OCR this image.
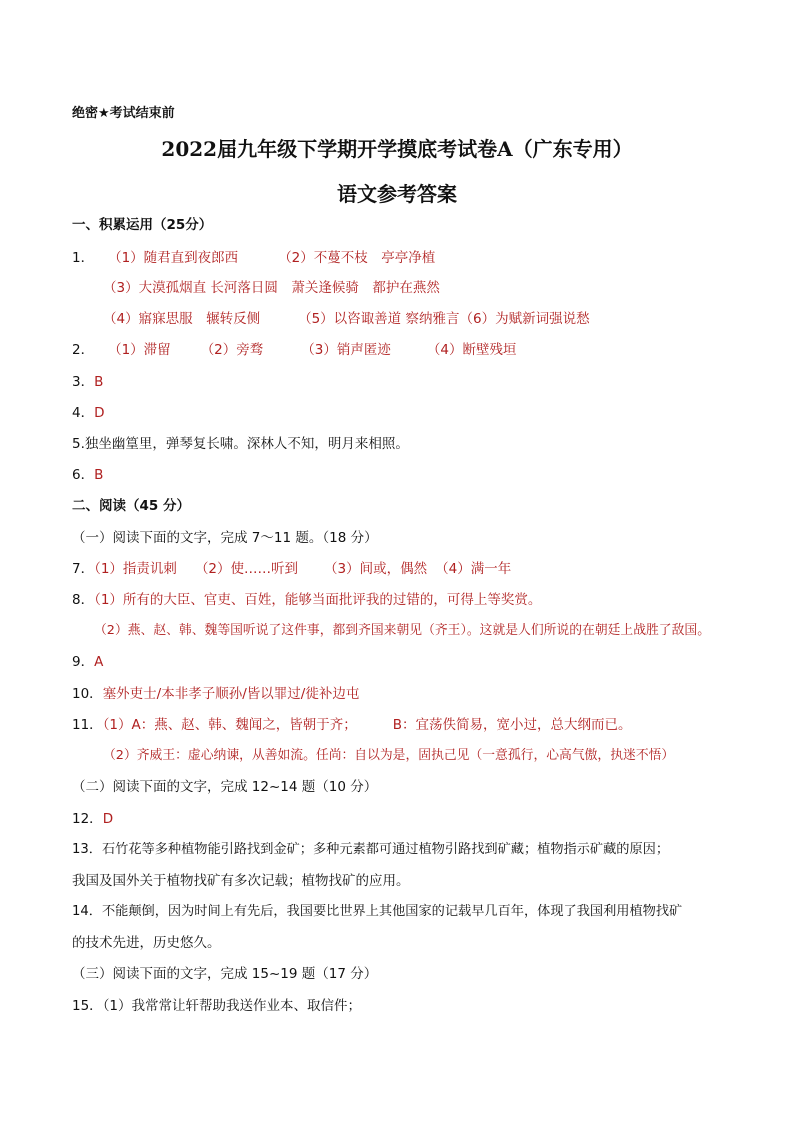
绝密★考试结束前
2022届九年级下学期开学摸底考试卷A（广东专用）
语文参考答案
一、积累运用（25分）
1． （1）随君直到夜郎西	（2）不蔓不枝　亭亭净植
（3）大漠孤烟直 长河落日圆　萧关逢候骑　都护在燕然
（4）寤寐思服　辗转反侧	（5）以咨诹善道 察纳雅言（6）为赋新词强说愁
2． （1）滞留 （2）旁骛	（3）销声匿迹	（4）断壁残垣
3．B
4．D
5.独坐幽篁里，弹琴复长啸。深林人不知，明月来相照。
6．B
二、阅读（45 分）
（一）阅读下面的文字，完成 7～11 题。（18 分）
7．（1）指责讥刺 （2）使……听到 （3）间或，偶然 （4）满一年
8．（1）所有的大臣、官吏、百姓，能够当面批评我的过错的，可得上等奖赏。
（2）燕、赵、韩、魏等国听说了这件事，都到齐国来朝见（齐王）。这就是人们所说的在朝廷上战胜了敌国。
9．A
10．塞外吏士/本非孝子顺孙/皆以罪过/徙补边屯
11．（1）A：燕、赵、韩、魏闻之，皆朝于齐；	B：宜荡佚简易，宽小过，总大纲而已。
（2）齐威王：虚心纳谏，从善如流。任尚：自以为是，固执己见（一意孤行，心高气傲，执迷不悟）
（二）阅读下面的文字，完成 12~14 题（10 分）
12．D
13．石竹花等多种植物能引路找到金矿；多种元素都可通过植物引路找到矿藏；植物指示矿藏的原因；
我国及国外关于植物找矿有多次记载；植物找矿的应用。
14．不能颠倒，因为时间上有先后，我国要比世界上其他国家的记载早几百年，体现了我国利用植物找矿
的技术先进，历史悠久。
（三）阅读下面的文字，完成 15~19 题（17 分）
15．（1）我常常让轩帮助我送作业本、取信件；
